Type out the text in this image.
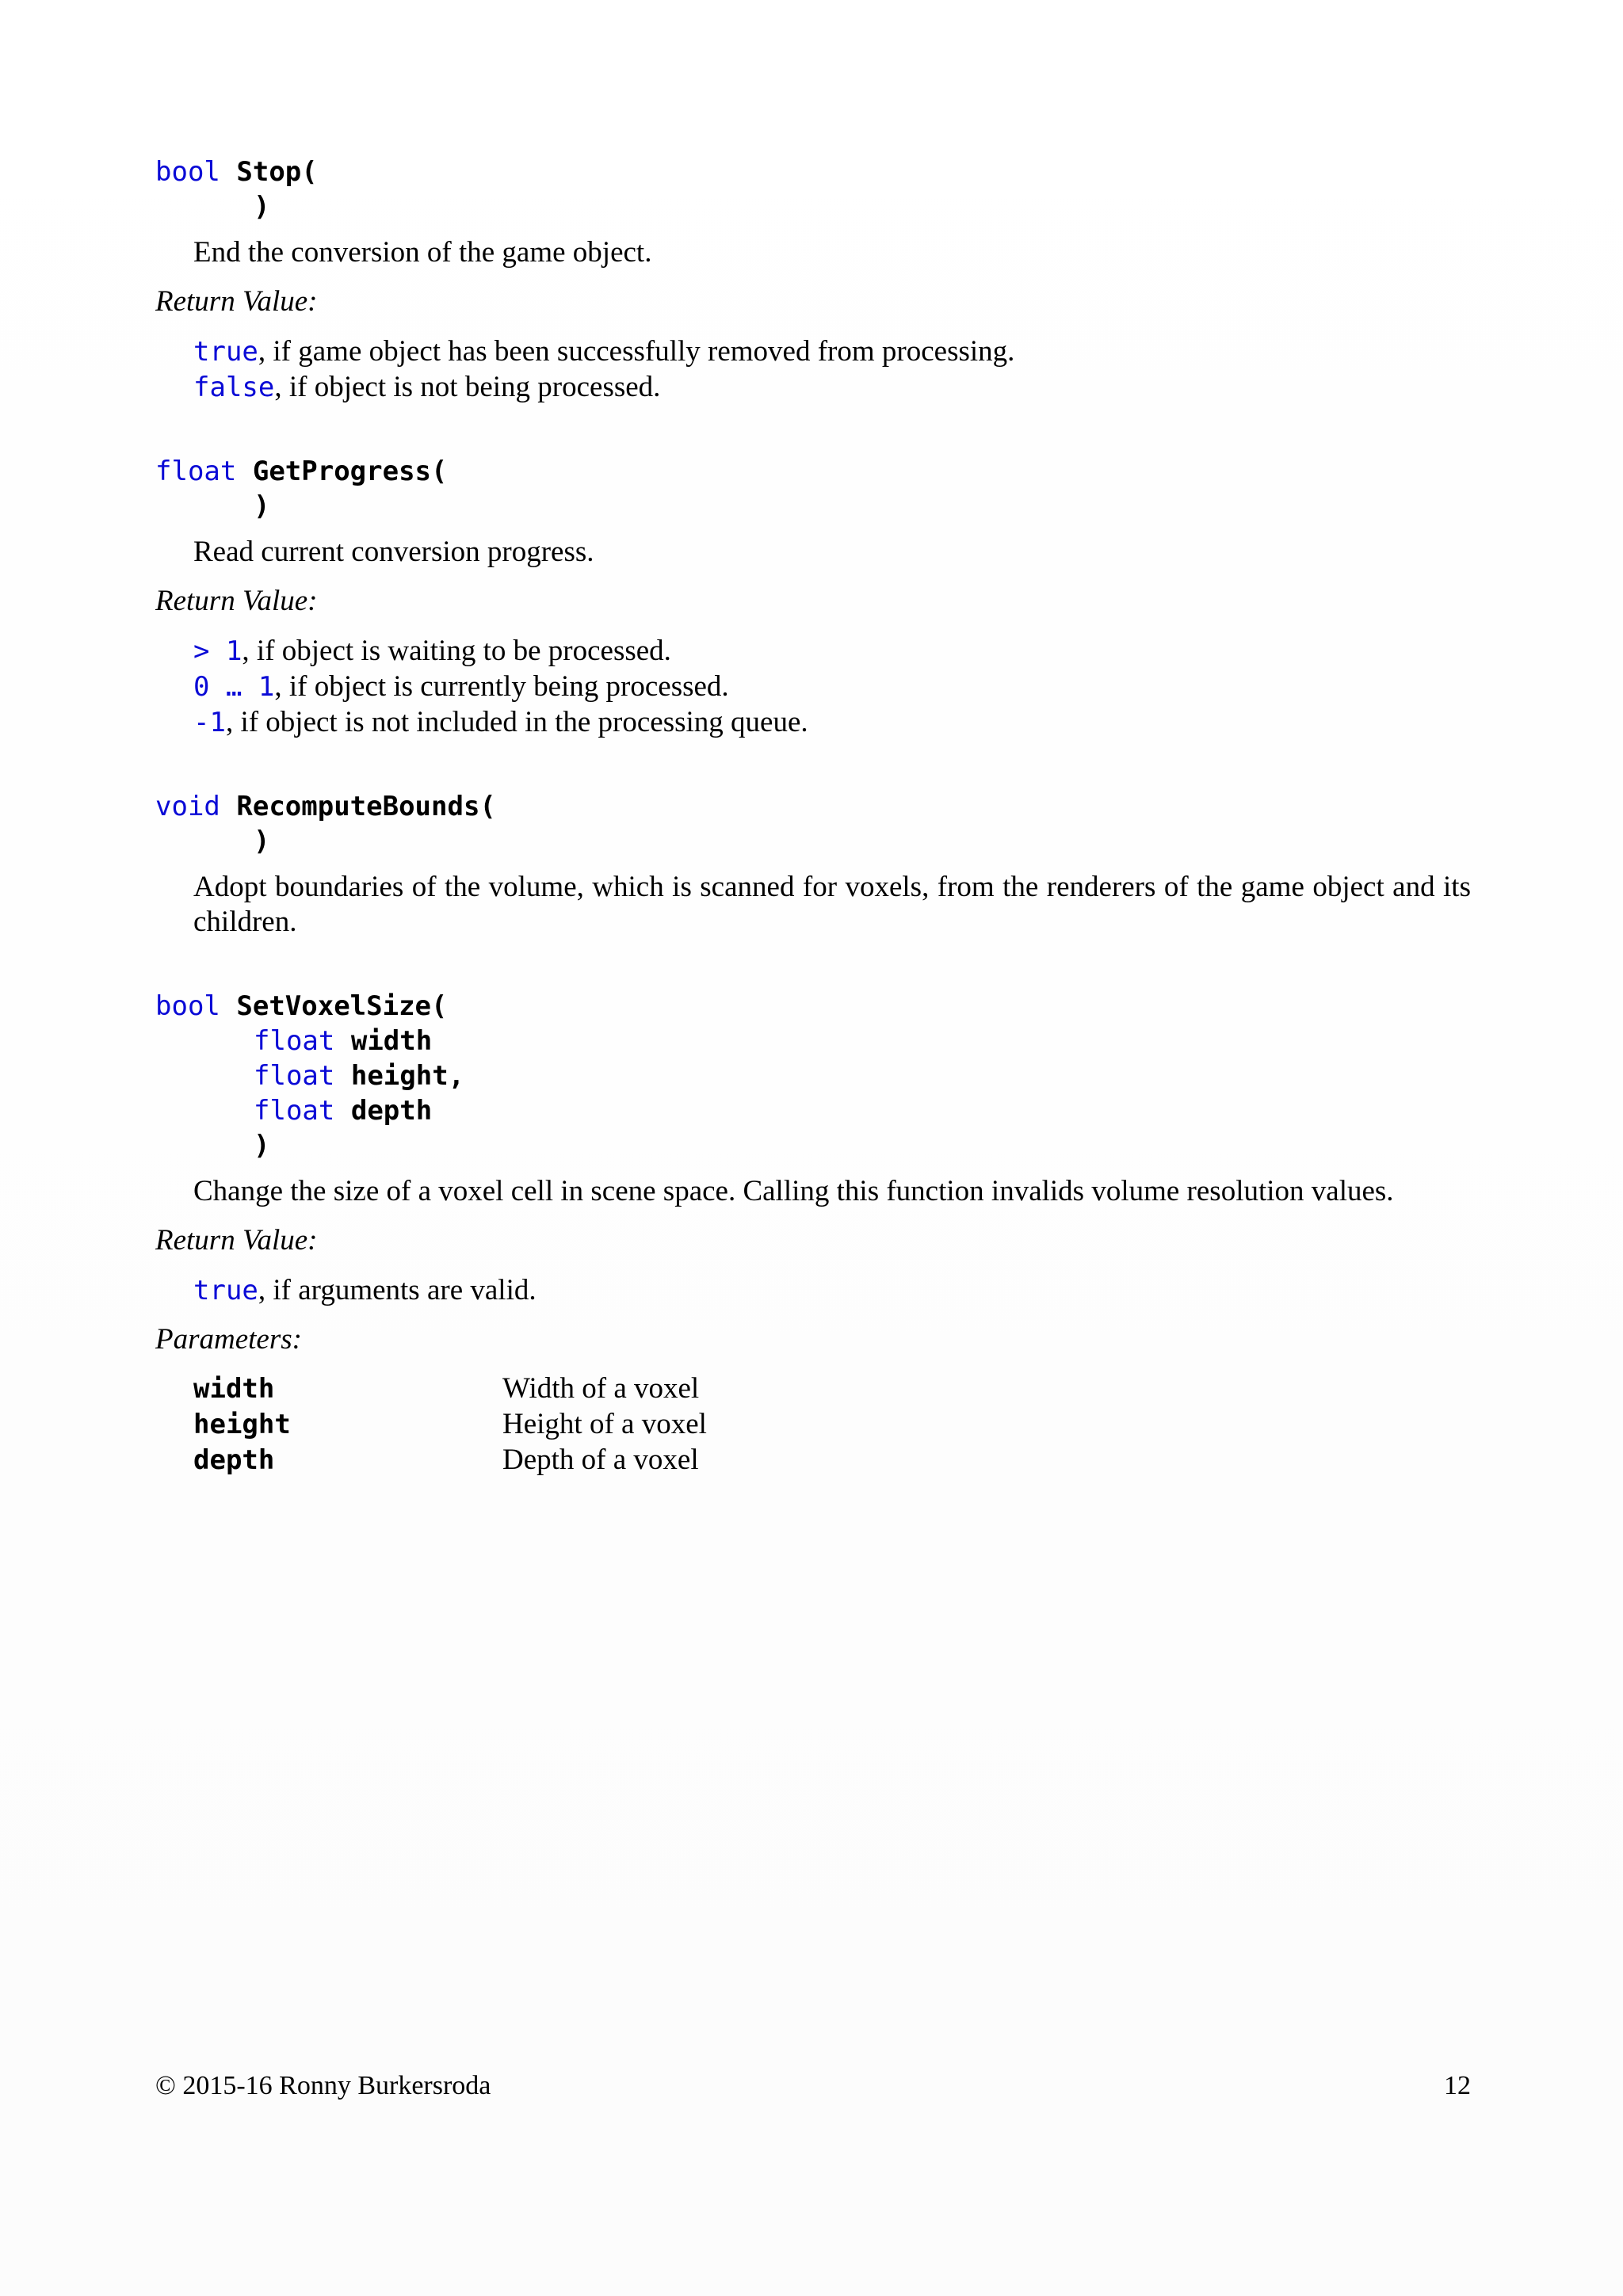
bool Stop(
)
End the conversion of the game object.
Return Value:
true, if game object has been successfully removed from processing.
false, if object is not being processed.
float GetProgress(
)
Read current conversion progress.
Return Value:
> 1, if object is waiting to be processed.
0 … 1, if object is currently being processed.
-1, if object is not included in the processing queue.
void RecomputeBounds(
)
Adopt boundaries of the volume, which is scanned for voxels, from the renderers of the game object and its children.
bool SetVoxelSize(
float width
float height,
float depth
)
Change the size of a voxel cell in scene space. Calling this function invalids volume resolution values.
Return Value:
true, if arguments are valid.
Parameters:
width	Width of a voxel
height	Height of a voxel
depth	Depth of a voxel
© 2015-16 Ronny Burkersroda	12
